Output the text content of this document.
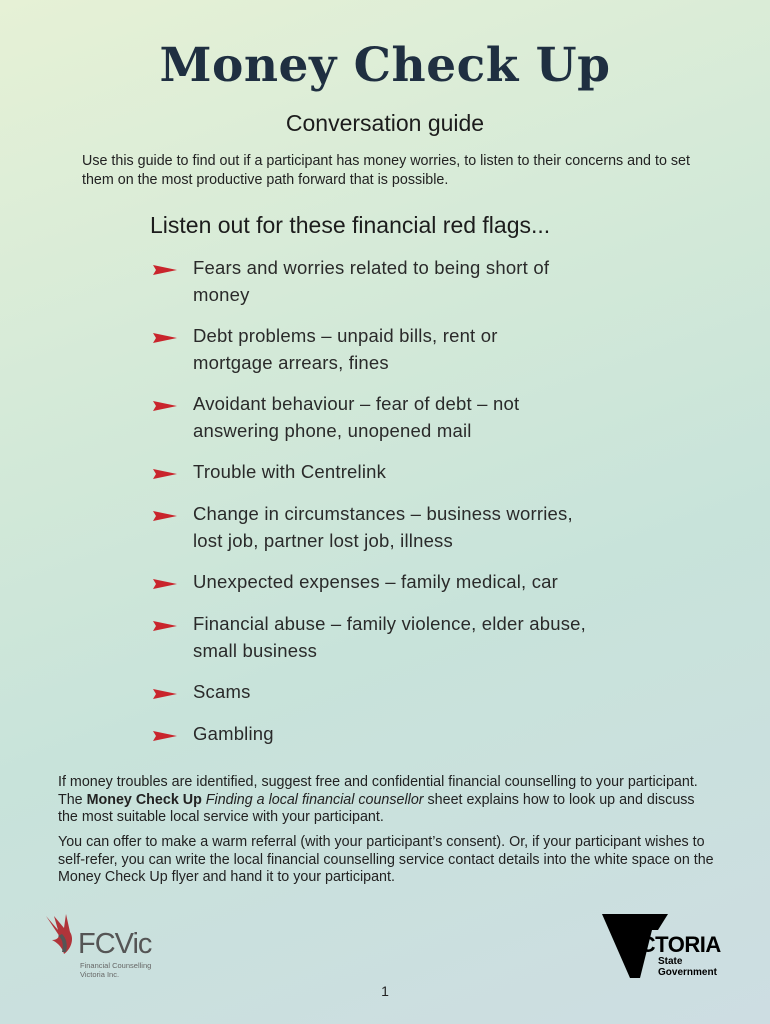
Money Check Up
Conversation guide
Use this guide to find out if a participant has money worries, to listen to their concerns and to set them on the most productive path forward that is possible.
Listen out for these financial red flags...
Fears and worries related to being short of
money
Debt problems – unpaid bills, rent or
mortgage arrears, fines
Avoidant behaviour – fear of debt – not
answering phone, unopened mail
Trouble with Centrelink
Change in circumstances – business worries,
lost job, partner lost job, illness
Unexpected expenses – family medical, car
Financial abuse – family violence, elder abuse,
small business
Scams
Gambling
If money troubles are identified, suggest free and confidential financial counselling to your participant. The Money Check Up Finding a local financial counsellor sheet explains how to look up and discuss the most suitable local service with your participant.
You can offer to make a warm referral (with your participant’s consent). Or, if your participant wishes to self-refer, you can write the local financial counselling service contact details into the white space on the Money Check Up flyer and hand it to your participant.
FCVic
Financial Counselling
Victoria Inc.
VICTORIA
State
Government
1
